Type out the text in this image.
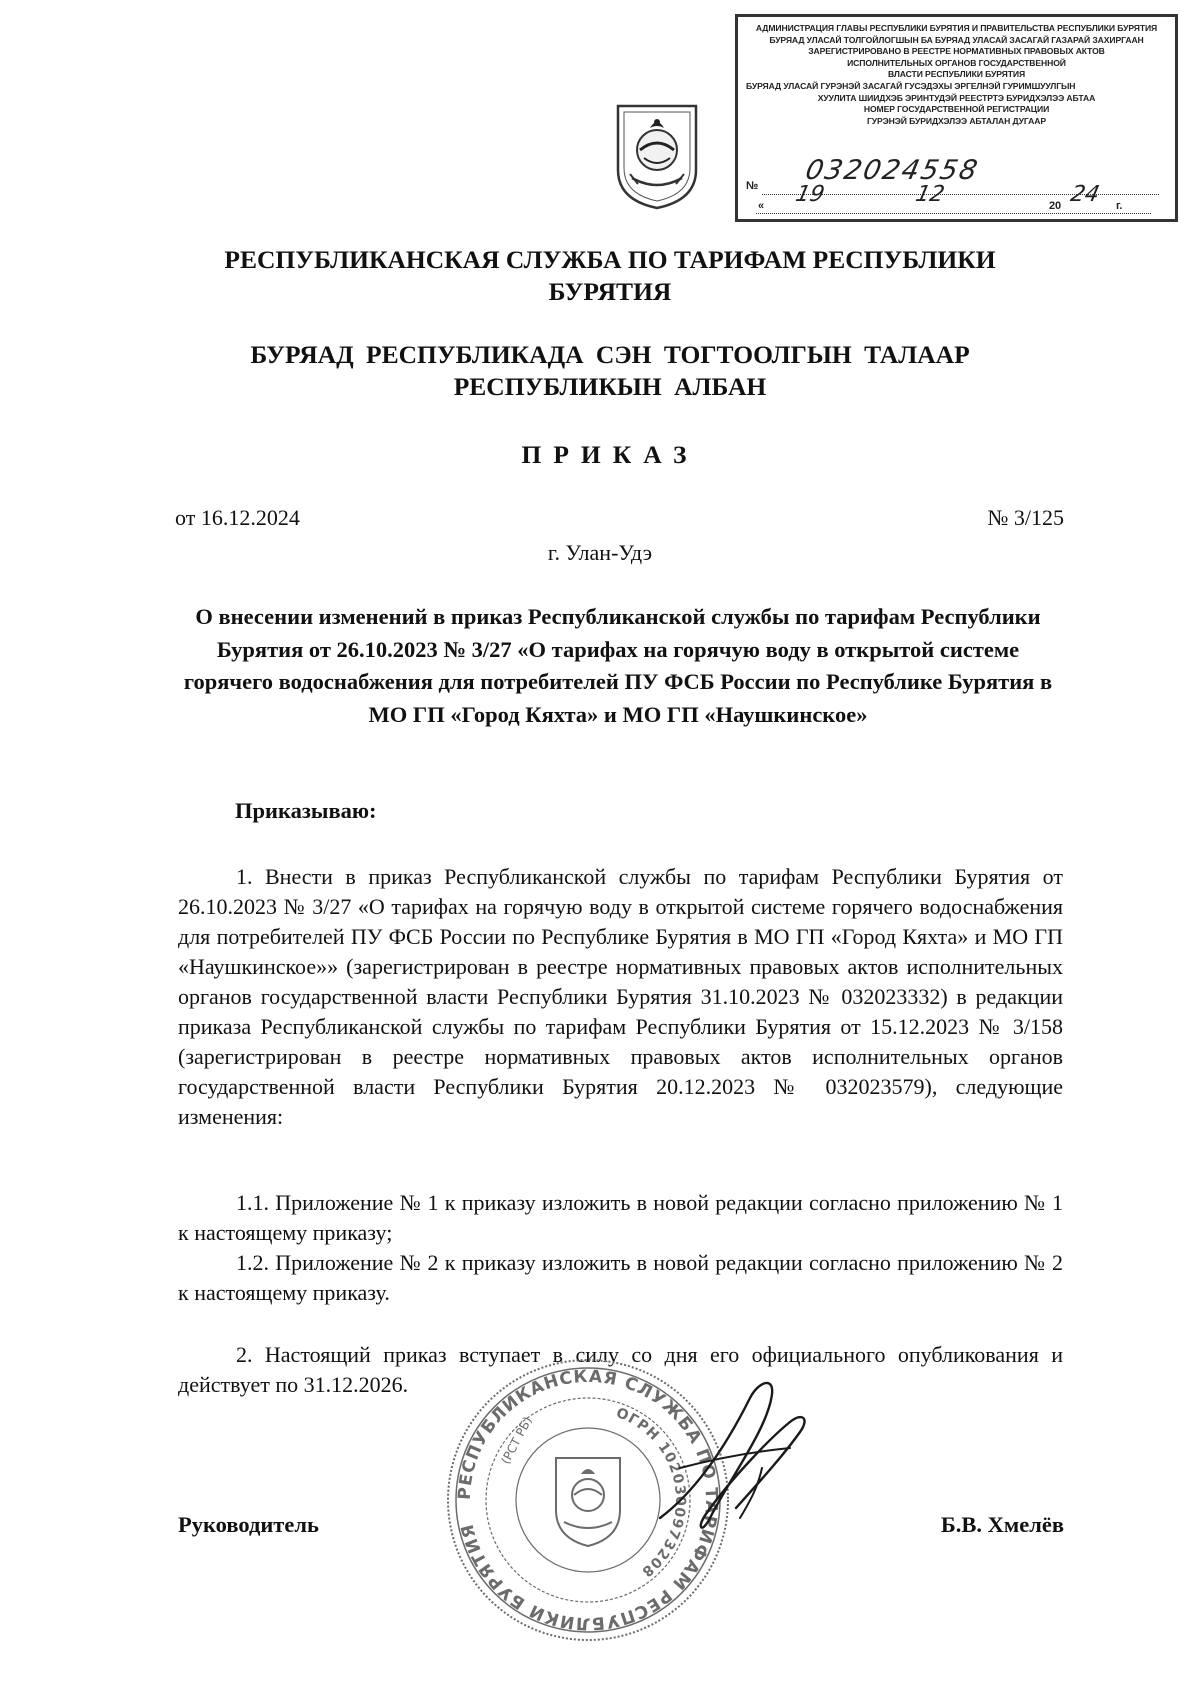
АДМИНИСТРАЦИЯ ГЛАВЫ РЕСПУБЛИКИ БУРЯТИЯ И ПРАВИТЕЛЬСТВА РЕСПУБЛИКИ БУРЯТИЯ
БУРЯАД УЛАСАЙ ТОЛГОЙЛОГШЫН БА БУРЯАД УЛАСАЙ ЗАСАГАЙ ГАЗАРАЙ ЗАХИРГААН
ЗАРЕГИСТРИРОВАНО В РЕЕСТРЕ НОРМАТИВНЫХ ПРАВОВЫХ АКТОВ
ИСПОЛНИТЕЛЬНЫХ ОРГАНОВ ГОСУДАРСТВЕННОЙ
ВЛАСТИ РЕСПУБЛИКИ БУРЯТИЯ
БУРЯАД УЛАСАЙ ГУРЭНЭЙ ЗАСАГАЙ ГУСЭДЭХЫ ЭРГЕЛНЭЙ ГУРИМШУУЛГЫН
ХУУЛИТА ШИИДХЭБ ЭРИНТУДЭЙ РЕЕСТРТЭ БУРИДХЭЛЭЭ АБТАА
НОМЕР ГОСУДАРСТВЕННОЙ РЕГИСТРАЦИИ
ГУРЭНЭЙ БУРИДХЭЛЭЭ АБТАЛАН ДУГААР
№ 032024558
« 19	12	20 24 г.
РЕСПУБЛИКАНСКАЯ СЛУЖБА ПО ТАРИФАМ РЕСПУБЛИКИ БУРЯТИЯ
БУРЯАД РЕСПУБЛИКАДА СЭН ТОГТООЛГЫН ТАЛААР РЕСПУБЛИКЫН АЛБАН
ПРИКАЗ
от 16.12.2024	№ 3/125
г. Улан-Удэ
О внесении изменений в приказ Республиканской службы по тарифам Республики Бурятия от 26.10.2023 № 3/27 «О тарифах на горячую воду в открытой системе горячего водоснабжения для потребителей ПУ ФСБ России по Республике Бурятия в МО ГП «Город Кяхта» и МО ГП «Наушкинское»
Приказываю:

1. Внести в приказ Республиканской службы по тарифам Республики Бурятия от 26.10.2023 № 3/27 «О тарифах на горячую воду в открытой системе горячего водоснабжения для потребителей ПУ ФСБ России по Республике Бурятия в МО ГП «Город Кяхта» и МО ГП «Наушкинское»» (зарегистрирован в реестре нормативных правовых актов исполнительных органов государственной власти Республики Бурятия 31.10.2023 № 032023332) в редакции приказа Республиканской службы по тарифам Республики Бурятия от 15.12.2023 № 3/158 (зарегистрирован в реестре нормативных правовых актов исполнительных органов государственной власти Республики Бурятия 20.12.2023 № 032023579), следующие изменения:

1.1. Приложение № 1 к приказу изложить в новой редакции согласно приложению № 1 к настоящему приказу;

1.2. Приложение № 2 к приказу изложить в новой редакции согласно приложению № 2 к настоящему приказу.

2. Настоящий приказ вступает в силу со дня его официального опубликования и действует по 31.12.2026.

РЕСПУБЛИКАНСКАЯ СЛУЖБА ПО ТАРИФАМ РЕСПУБЛИКИ БУРЯТИЯ
ОГРН 1020300973208
(РСТ РБ)
Руководитель	Б.В. Хмелёв
